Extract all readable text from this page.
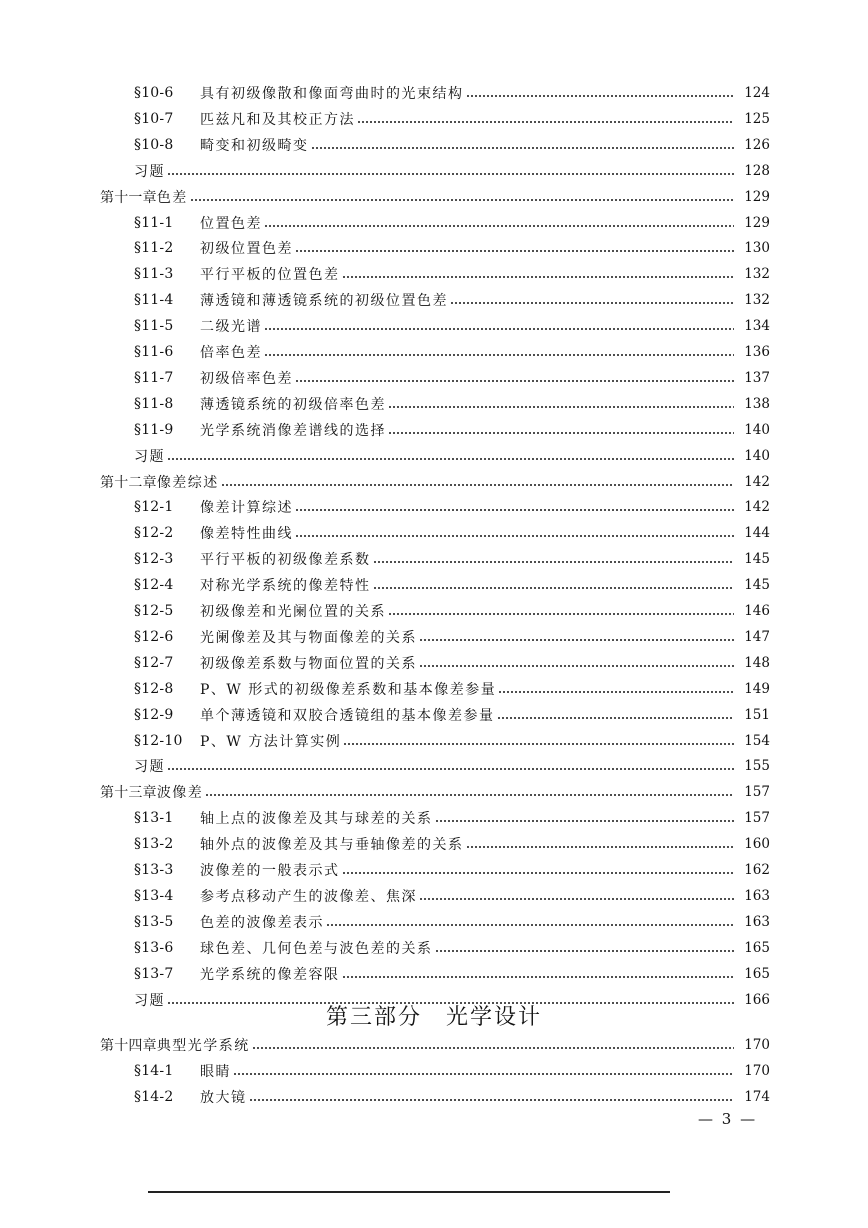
§10-6	具有初级像散和像面弯曲时的光束结构	124
§10-7	匹兹凡和及其校正方法	125
§10-8	畸变和初级畸变	126
习题	128
第十一章 色差	129
§11-1	位置色差	129
§11-2	初级位置色差	130
§11-3	平行平板的位置色差	132
§11-4	薄透镜和薄透镜系统的初级位置色差	132
§11-5	二级光谱	134
§11-6	倍率色差	136
§11-7	初级倍率色差	137
§11-8	薄透镜系统的初级倍率色差	138
§11-9	光学系统消像差谱线的选择	140
习题	140
第十二章 像差综述	142
§12-1	像差计算综述	142
§12-2	像差特性曲线	144
§12-3	平行平板的初级像差系数	145
§12-4	对称光学系统的像差特性	145
§12-5	初级像差和光阑位置的关系	146
§12-6	光阑像差及其与物面像差的关系	147
§12-7	初级像差系数与物面位置的关系	148
§12-8	P、W 形式的初级像差系数和基本像差参量	149
§12-9	单个薄透镜和双胶合透镜组的基本像差参量	151
§12-10	P、W 方法计算实例	154
习题	155
第十三章 波像差	157
§13-1	轴上点的波像差及其与球差的关系	157
§13-2	轴外点的波像差及其与垂轴像差的关系	160
§13-3	波像差的一般表示式	162
§13-4	参考点移动产生的波像差、焦深	163
§13-5	色差的波像差表示	163
§13-6	球色差、几何色差与波色差的关系	165
§13-7	光学系统的像差容限	165
习题	166
第十四章 典型光学系统	170
§14-1	眼睛	170
§14-2	放大镜	174
第三部分　光学设计
— 3 —
